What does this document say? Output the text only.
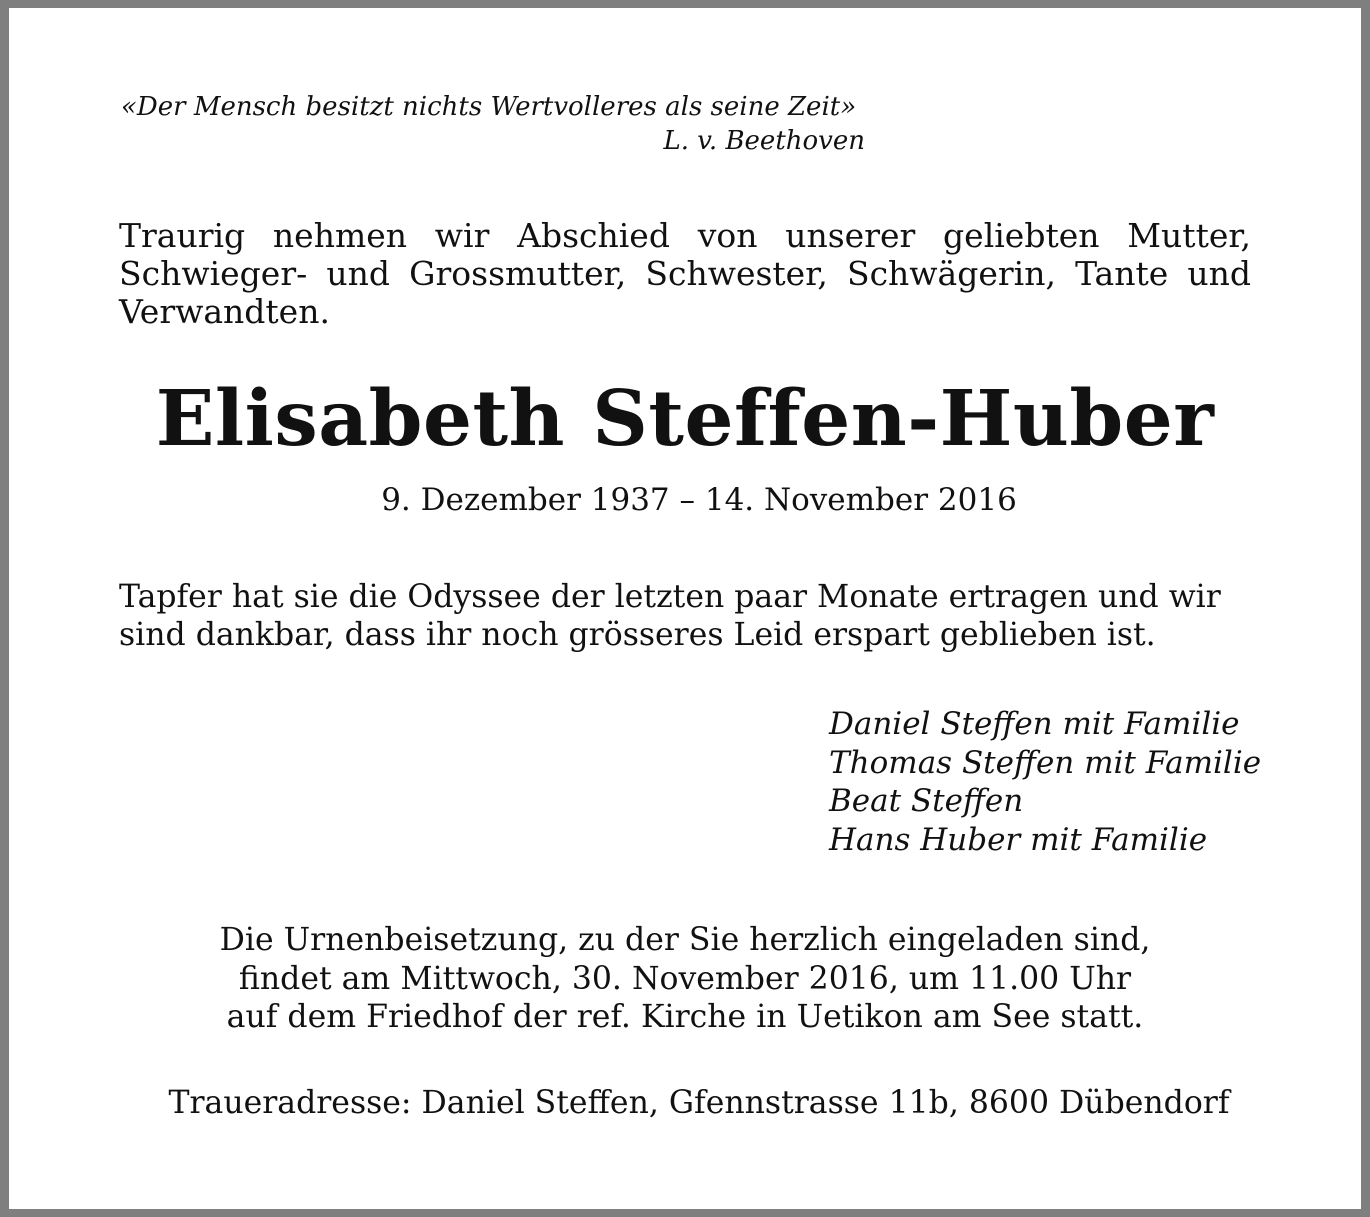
«Der Mensch besitzt nichts Wertvolleres als seine Zeit»
L. v. Beethoven
Traurig nehmen wir Abschied von unserer geliebten Mutter, Schwieger- und Grossmutter, Schwester, Schwägerin, Tante und Verwandten.
Elisabeth Steffen-Huber
9. Dezember 1937 – 14. November 2016
Tapfer hat sie die Odyssee der letzten paar Monate ertragen und wir sind dankbar, dass ihr noch grösseres Leid erspart geblieben ist.
Daniel Steffen mit Familie
Thomas Steffen mit Familie
Beat Steffen
Hans Huber mit Familie
Die Urnenbeisetzung, zu der Sie herzlich eingeladen sind,
findet am Mittwoch, 30. November 2016, um 11.00 Uhr
auf dem Friedhof der ref. Kirche in Uetikon am See statt.
Traueradresse: Daniel Steffen, Gfennstrasse 11b, 8600 Dübendorf
